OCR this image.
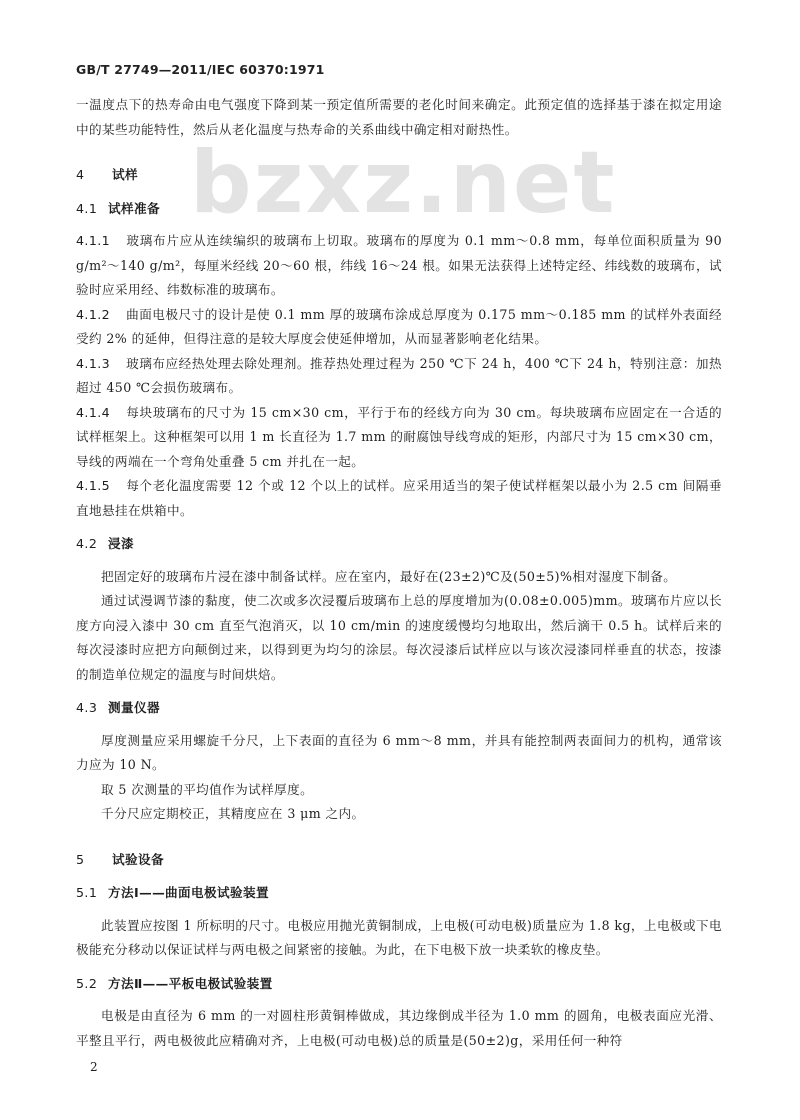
GB/T 27749—2011/IEC 60370:1971
bzxz.net

一温度点下的热寿命由电气强度下降到某一预定值所需要的老化时间来确定。此预定值的选择基于漆在拟定用途中的某些功能特性，然后从老化温度与热寿命的关系曲线中确定相对耐热性。

4 试样

4.1 试样准备

4.1.1 玻璃布片应从连续编织的玻璃布上切取。玻璃布的厚度为 0.1 mm～0.8 mm，每单位面积质量为 90 g/m²～140 g/m²，每厘米经线 20～60 根，纬线 16～24 根。如果无法获得上述特定经、纬线数的玻璃布，试验时应采用经、纬数标准的玻璃布。

4.1.2 曲面电极尺寸的设计是使 0.1 mm 厚的玻璃布涂成总厚度为 0.175 mm～0.185 mm 的试样外表面经受约 2% 的延伸，但得注意的是较大厚度会使延伸增加，从而显著影响老化结果。

4.1.3 玻璃布应经热处理去除处理剂。推荐热处理过程为 250 ℃下 24 h，400 ℃下 24 h，特别注意：加热超过 450 ℃会损伤玻璃布。

4.1.4 每块玻璃布的尺寸为 15 cm×30 cm，平行于布的经线方向为 30 cm。每块玻璃布应固定在一合适的试样框架上。这种框架可以用 1 m 长直径为 1.7 mm 的耐腐蚀导线弯成的矩形，内部尺寸为 15 cm×30 cm，导线的两端在一个弯角处重叠 5 cm 并扎在一起。

4.1.5 每个老化温度需要 12 个或 12 个以上的试样。应采用适当的架子使试样框架以最小为 2.5 cm 间隔垂直地悬挂在烘箱中。

4.2 浸漆

把固定好的玻璃布片浸在漆中制备试样。应在室内，最好在(23±2)℃及(50±5)%相对湿度下制备。

通过试漫调节漆的黏度，使二次或多次浸覆后玻璃布上总的厚度增加为(0.08±0.005)mm。玻璃布片应以长度方向浸入漆中 30 cm 直至气泡消灭，以 10 cm/min 的速度缓慢均匀地取出，然后滴干 0.5 h。试样后来的每次浸漆时应把方向颠倒过来，以得到更为均匀的涂层。每次浸漆后试样应以与该次浸漆同样垂直的状态，按漆的制造单位规定的温度与时间烘焙。

4.3 测量仪器

厚度测量应采用螺旋千分尺，上下表面的直径为 6 mm～8 mm，并具有能控制两表面间力的机构，通常该力应为 10 N。

取 5 次测量的平均值作为试样厚度。

千分尺应定期校正，其精度应在 3 μm 之内。

5 试验设备

5.1 方法Ⅰ——曲面电极试验装置

此装置应按图 1 所标明的尺寸。电极应用抛光黄铜制成，上电极(可动电极)质量应为 1.8 kg，上电极或下电极能充分移动以保证试样与两电极之间紧密的接触。为此，在下电极下放一块柔软的橡皮垫。

5.2 方法Ⅱ——平板电极试验装置

电极是由直径为 6 mm 的一对圆柱形黄铜棒做成，其边缘倒成半径为 1.0 mm 的圆角，电极表面应光滑、平整且平行，两电极彼此应精确对齐，上电极(可动电极)总的质量是(50±2)g，采用任何一种符

2
